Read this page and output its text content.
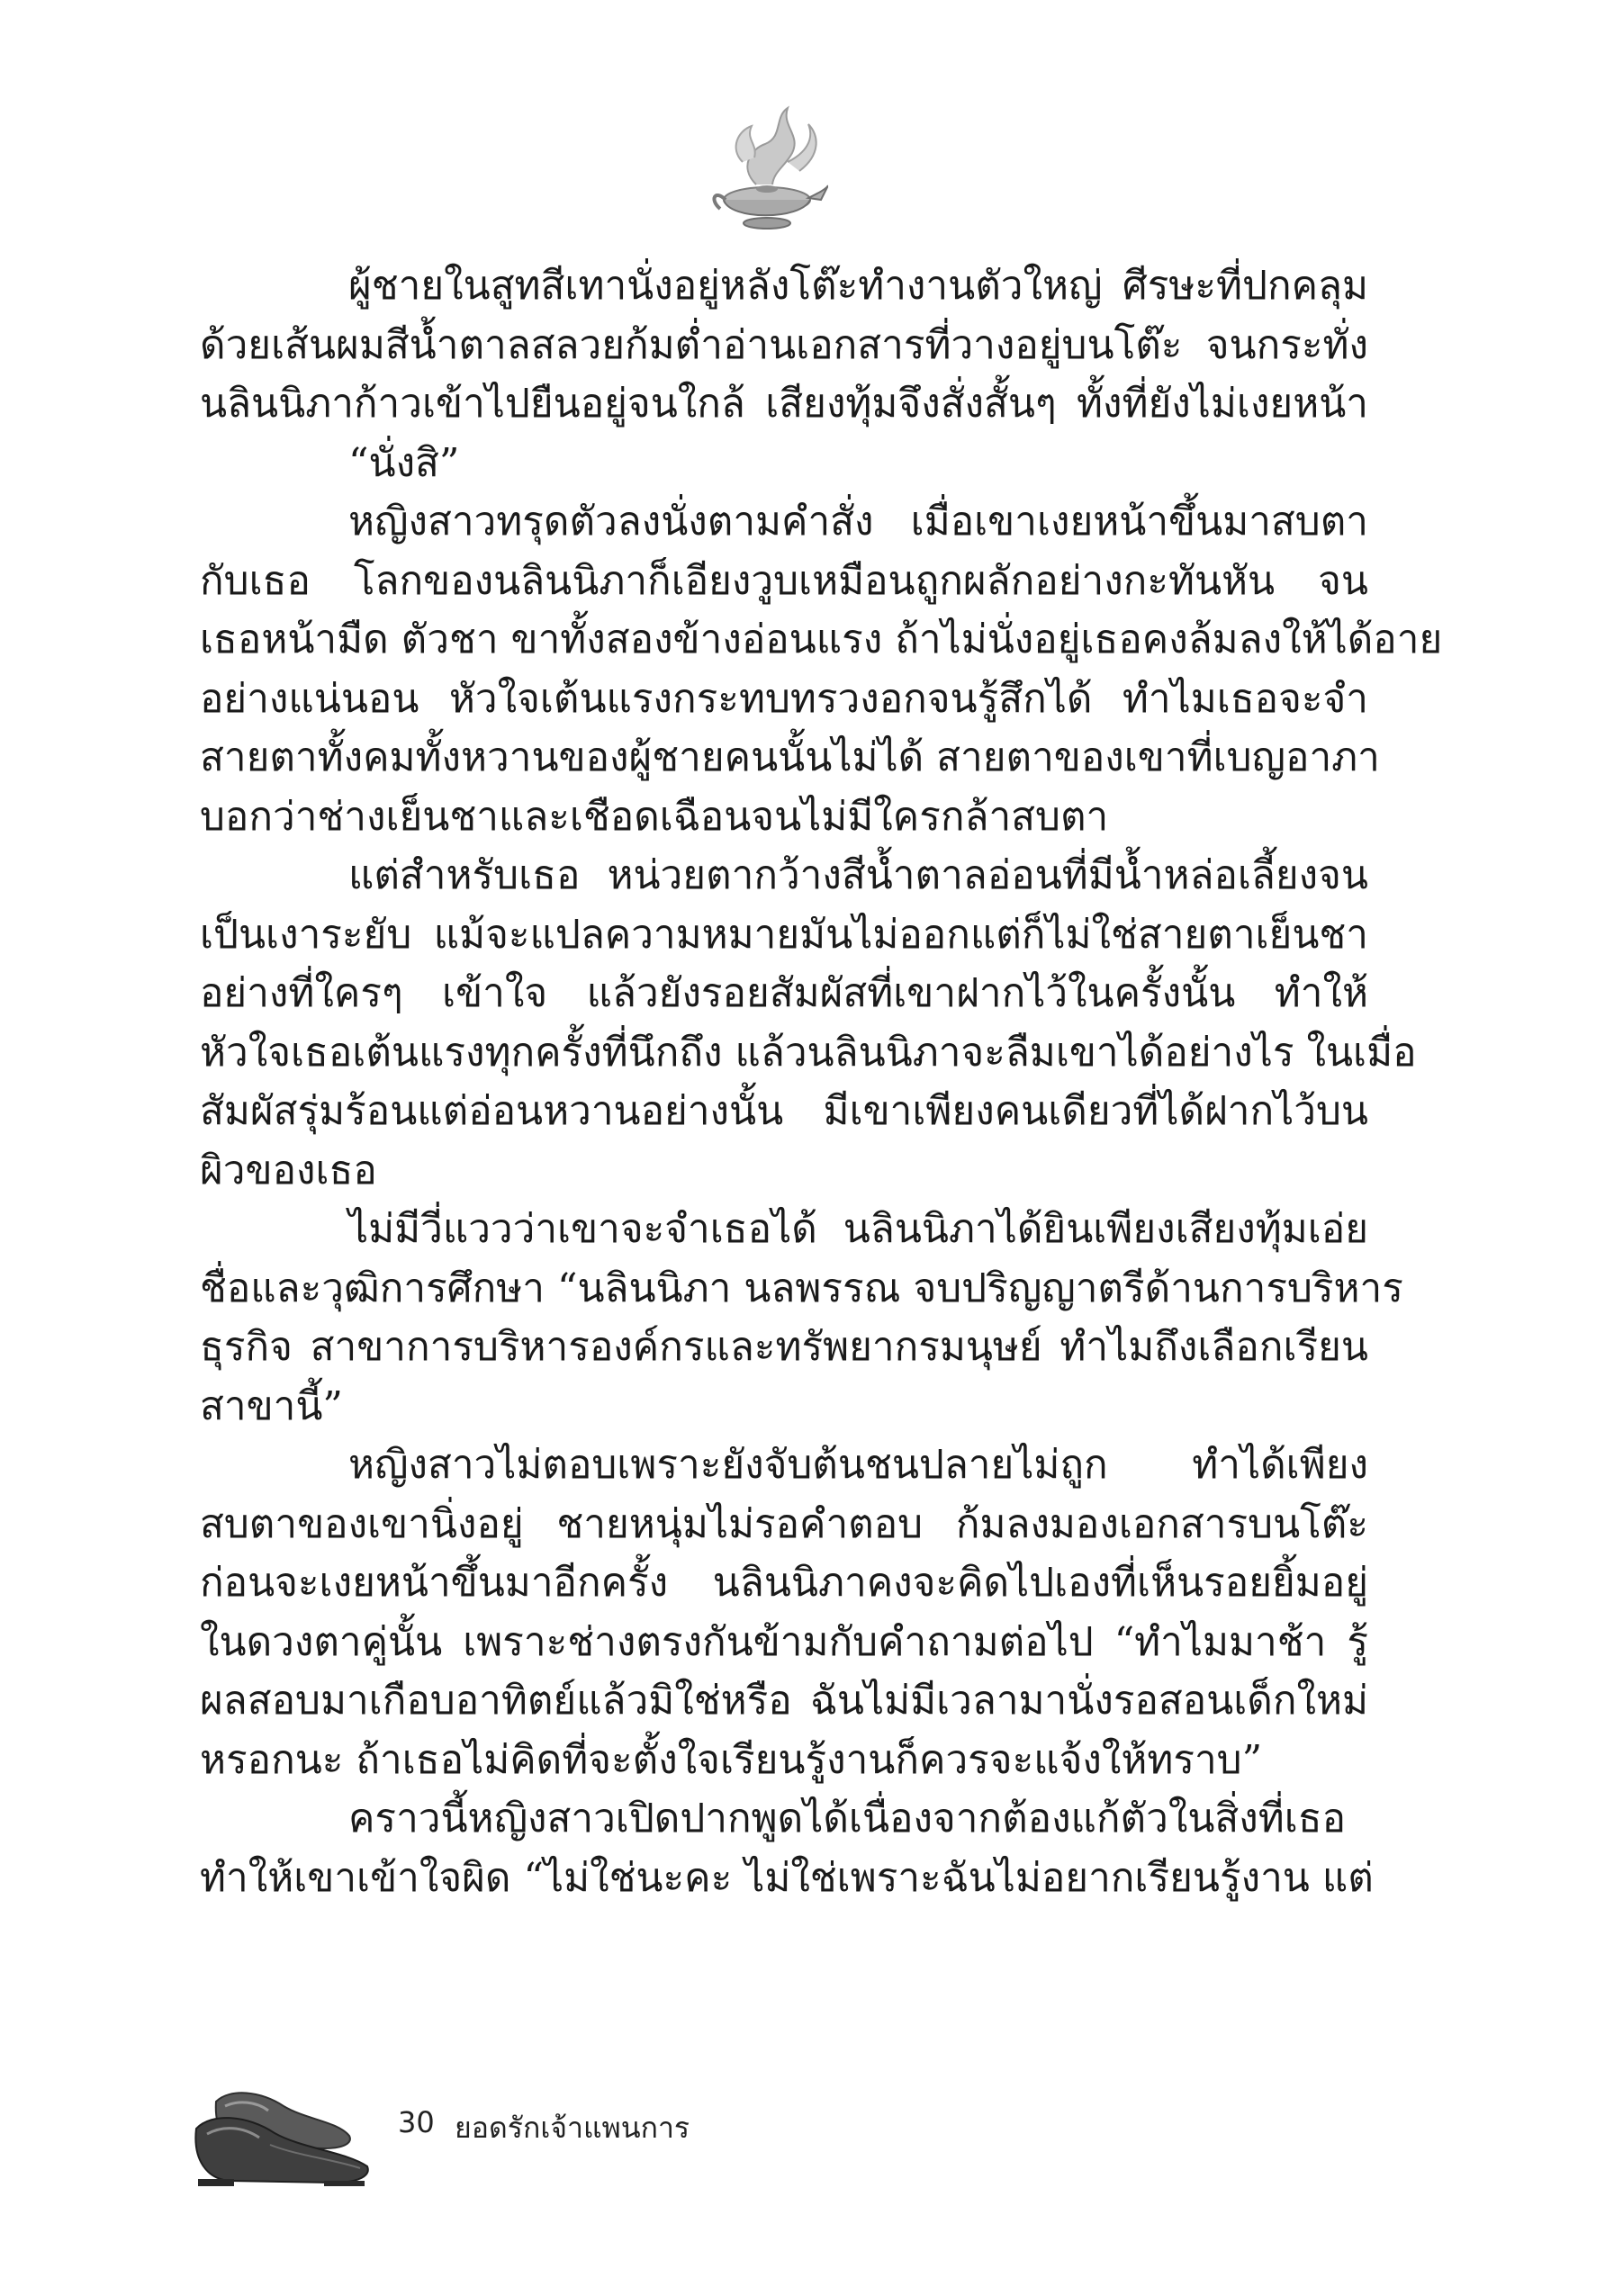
ผู้ชายในสูทสีเทานั่งอยู่หลังโต๊ะทำงานตัวใหญ่ ศีรษะที่ปกคลุม

ด้วยเส้นผมสีน้ำตาลสลวยก้มต่ำอ่านเอกสารที่วางอยู่บนโต๊ะ จนกระทั่ง

นลินนิภาก้าวเข้าไปยืนอยู่จนใกล้ เสียงทุ้มจึงสั่งสั้นๆ ทั้งที่ยังไม่เงยหน้า

“นั่งสิ”

หญิงสาวทรุดตัวลงนั่งตามคำสั่ง เมื่อเขาเงยหน้าขึ้นมาสบตา

กับเธอ โลกของนลินนิภาก็เอียงวูบเหมือนถูกผลักอย่างกะทันหัน จน

เธอหน้ามืด ตัวชา ขาทั้งสองข้างอ่อนแรง ถ้าไม่นั่งอยู่เธอคงล้มลงให้ได้อาย

อย่างแน่นอน หัวใจเต้นแรงกระทบทรวงอกจนรู้สึกได้ ทำไมเธอจะจำ

สายตาทั้งคมทั้งหวานของผู้ชายคนนั้นไม่ได้ สายตาของเขาที่เบญอาภา

บอกว่าช่างเย็นชาและเชือดเฉือนจนไม่มีใครกล้าสบตา

แต่สำหรับเธอ หน่วยตากว้างสีน้ำตาลอ่อนที่มีน้ำหล่อเลี้ยงจน

เป็นเงาระยับ แม้จะแปลความหมายมันไม่ออกแต่ก็ไม่ใช่สายตาเย็นชา

อย่างที่ใครๆ เข้าใจ แล้วยังรอยสัมผัสที่เขาฝากไว้ในครั้งนั้น ทำให้

หัวใจเธอเต้นแรงทุกครั้งที่นึกถึง แล้วนลินนิภาจะลืมเขาได้อย่างไร ในเมื่อ

สัมผัสรุ่มร้อนแต่อ่อนหวานอย่างนั้น มีเขาเพียงคนเดียวที่ได้ฝากไว้บน

ผิวของเธอ

ไม่มีวี่แววว่าเขาจะจำเธอได้ นลินนิภาได้ยินเพียงเสียงทุ้มเอ่ย

ชื่อและวุฒิการศึกษา “นลินนิภา นลพรรณ จบปริญญาตรีด้านการบริหาร

ธุรกิจ สาขาการบริหารองค์กรและทรัพยากรมนุษย์ ทำไมถึงเลือกเรียน

สาขานี้”

หญิงสาวไม่ตอบเพราะยังจับต้นชนปลายไม่ถูก ทำได้เพียง

สบตาของเขานิ่งอยู่ ชายหนุ่มไม่รอคำตอบ ก้มลงมองเอกสารบนโต๊ะ

ก่อนจะเงยหน้าขึ้นมาอีกครั้ง นลินนิภาคงจะคิดไปเองที่เห็นรอยยิ้มอยู่

ในดวงตาคู่นั้น เพราะช่างตรงกันข้ามกับคำถามต่อไป “ทำไมมาช้า รู้

ผลสอบมาเกือบอาทิตย์แล้วมิใช่หรือ ฉันไม่มีเวลามานั่งรอสอนเด็กใหม่

หรอกนะ ถ้าเธอไม่คิดที่จะตั้งใจเรียนรู้งานก็ควรจะแจ้งให้ทราบ”

คราวนี้หญิงสาวเปิดปากพูดได้เนื่องจากต้องแก้ตัวในสิ่งที่เธอ

ทำให้เขาเข้าใจผิด “ไม่ใช่นะคะ ไม่ใช่เพราะฉันไม่อยากเรียนรู้งาน แต่

30 ยอดรักเจ้าแพนการ
